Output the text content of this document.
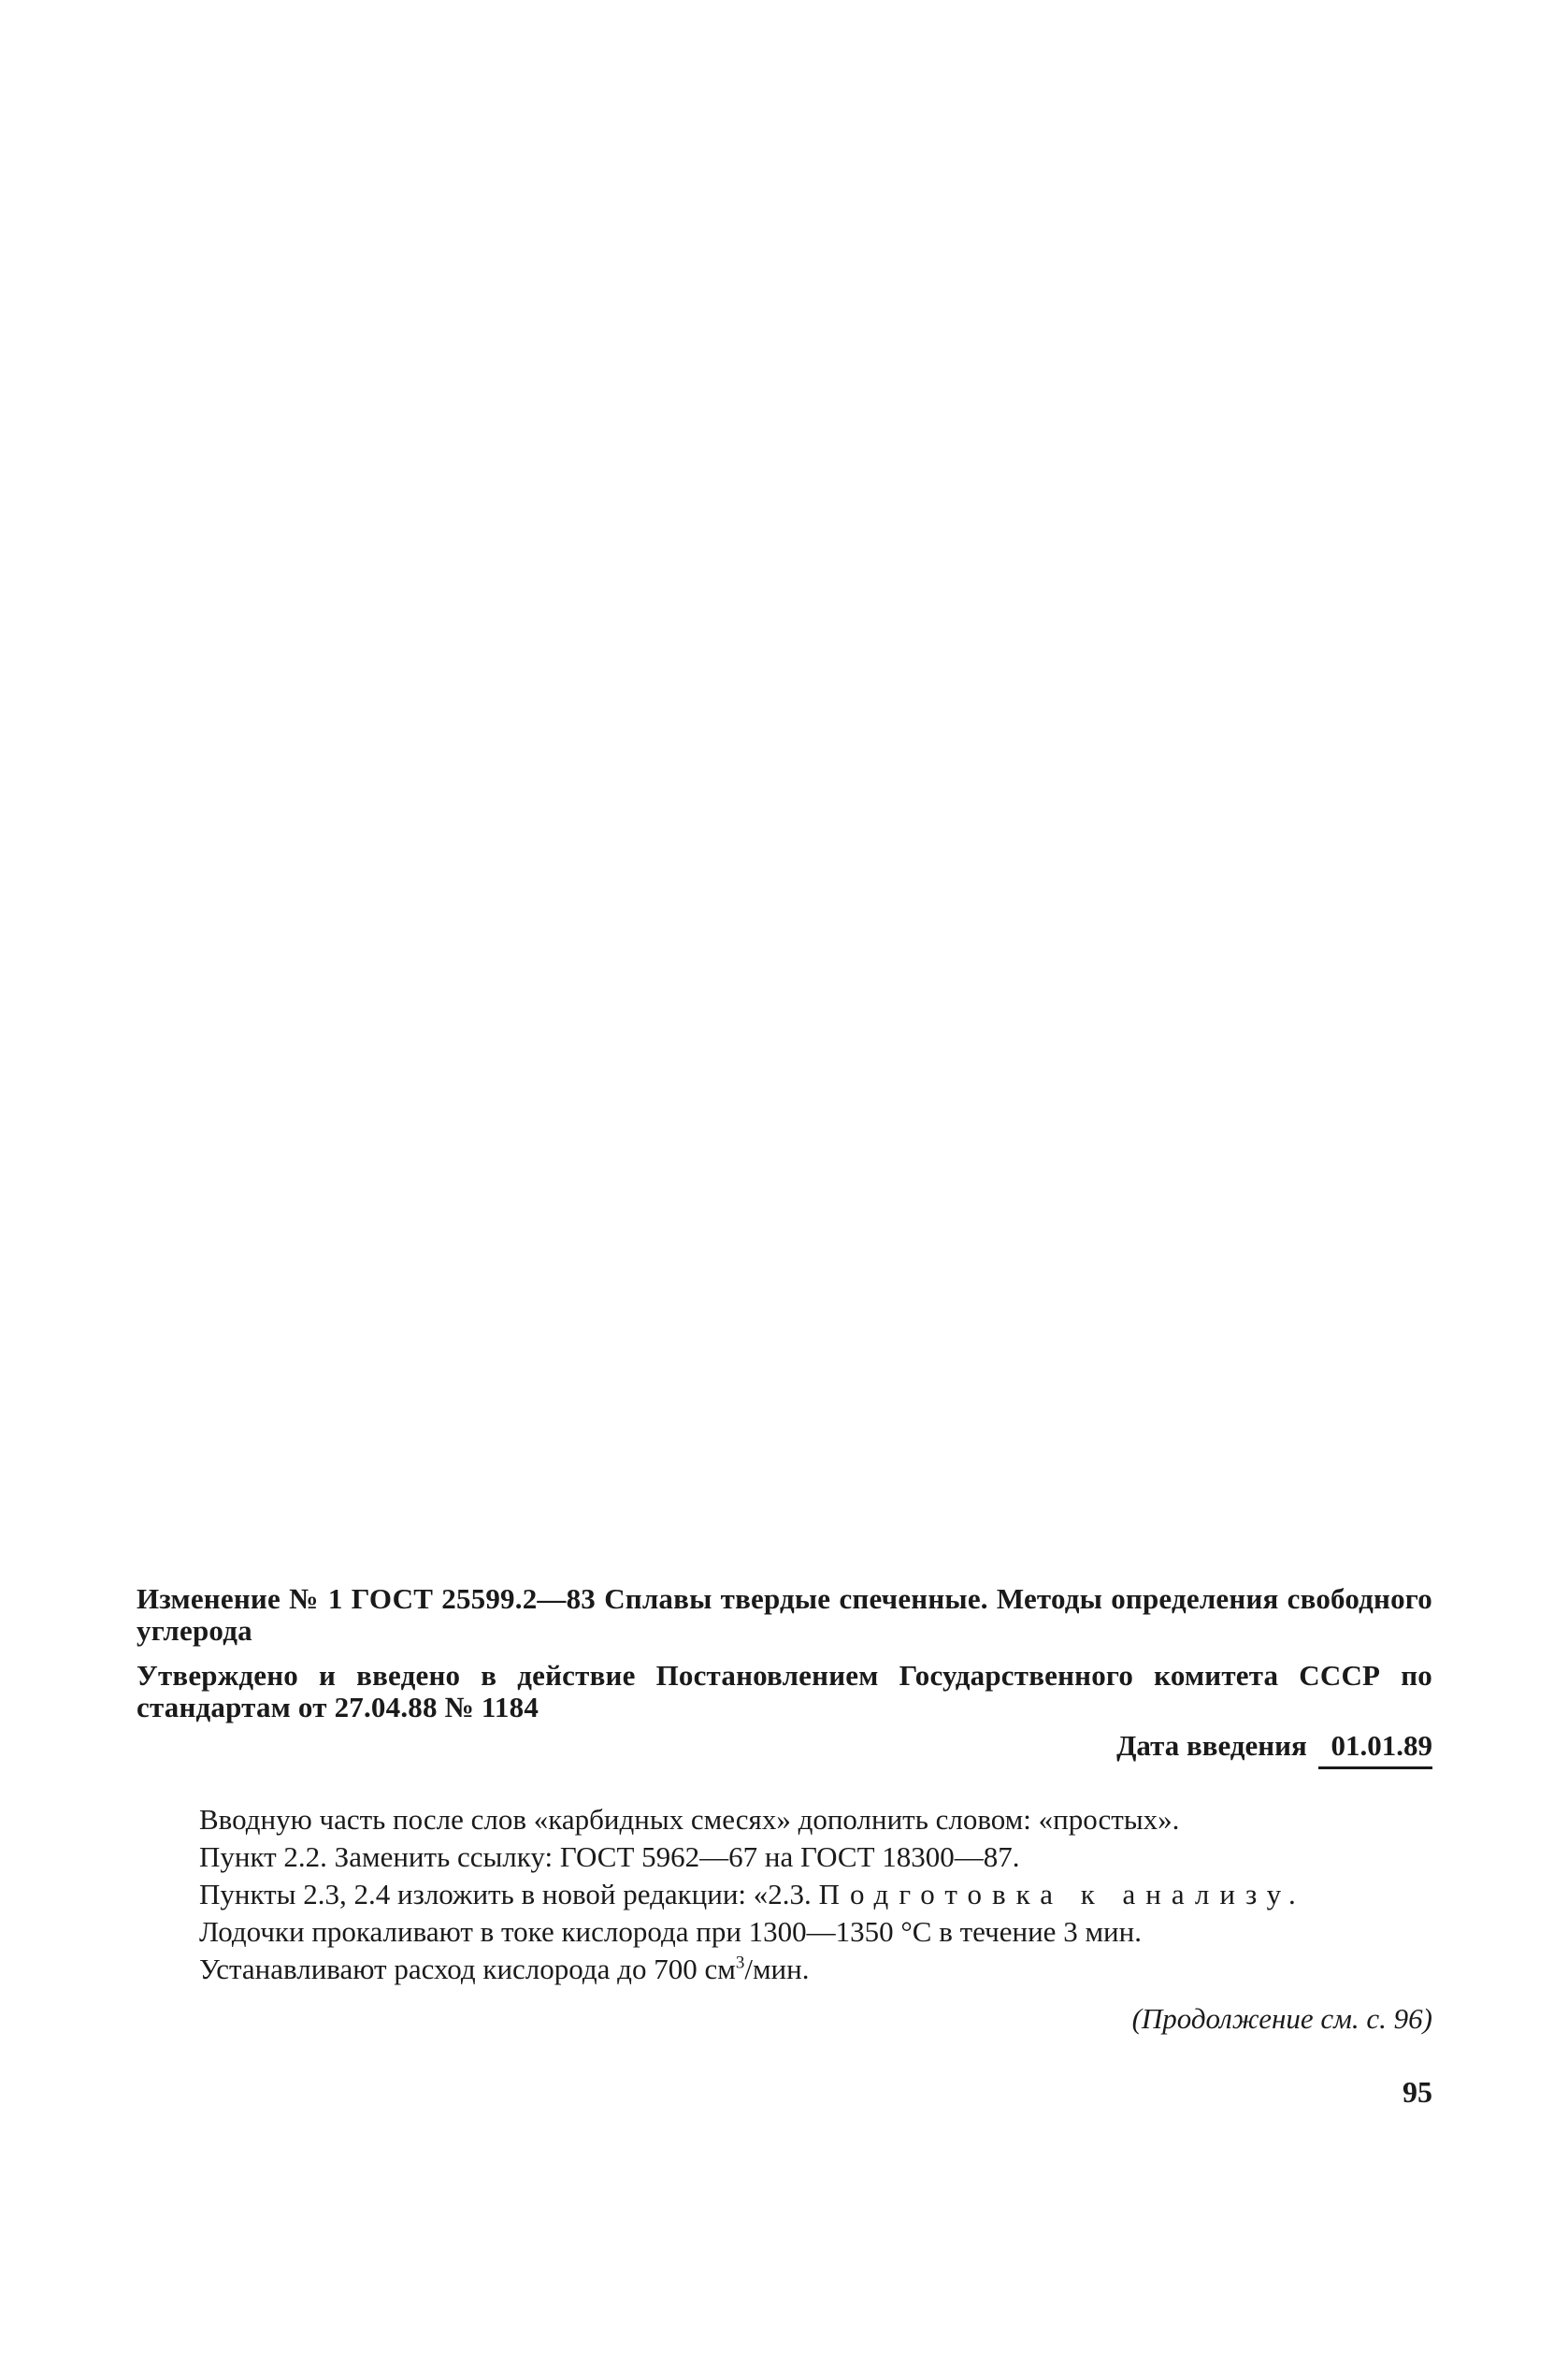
Изменение № 1 ГОСТ 25599.2—83 Сплавы твердые спеченные. Методы определения свободного углерода
Утверждено и введено в действие Постановлением Государственного комитета СССР по стандартам от 27.04.88 № 1184
Дата введения 01.01.89
Вводную часть после слов «карбидных смесях» дополнить словом: «простых».
Пункт 2.2. Заменить ссылку: ГОСТ 5962—67 на ГОСТ 18300—87.
Пункты 2.3, 2.4 изложить в новой редакции: «2.3. Подготовка к анализу.
Лодочки прокаливают в токе кислорода при 1300—1350 °С в течение 3 мин.
Устанавливают расход кислорода до 700 $см^3$/мин.
(Продолжение см. с. 96)
95
